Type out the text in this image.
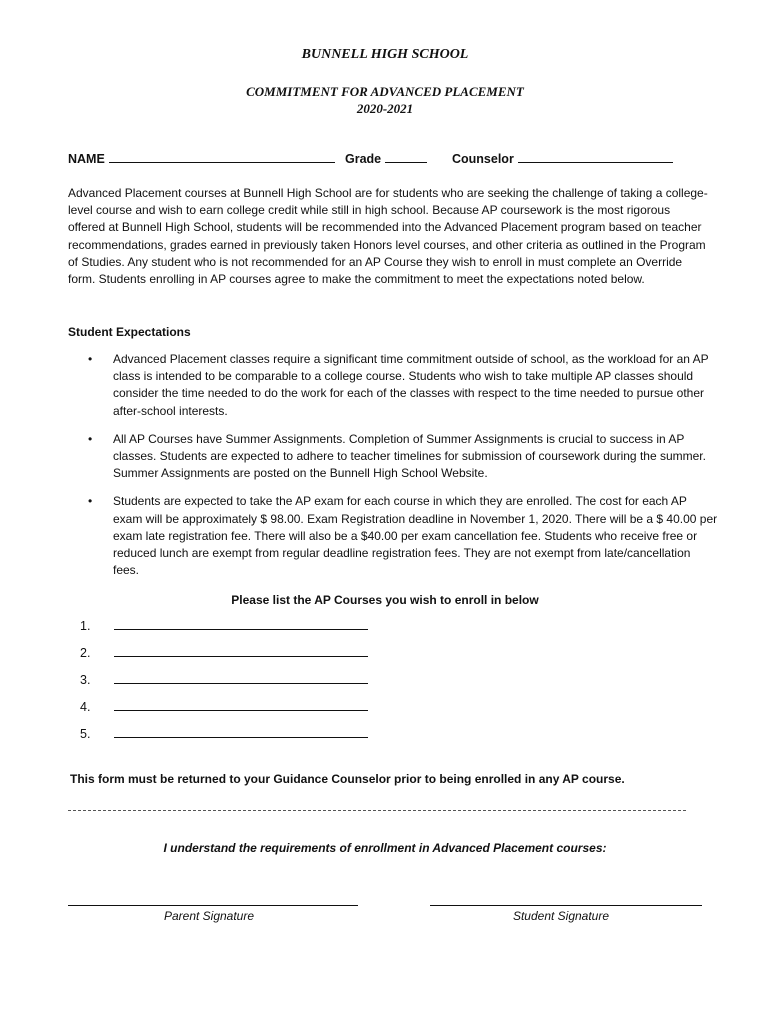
BUNNELL HIGH SCHOOL
COMMITMENT FOR ADVANCED PLACEMENT
2020-2021
NAME	Grade	Counselor
Advanced Placement courses at Bunnell High School are for students who are seeking the challenge of taking a college-level course and wish to earn college credit while still in high school. Because AP coursework is the most rigorous offered at Bunnell High School, students will be recommended into the Advanced Placement program based on teacher recommendations, grades earned in previously taken Honors level courses, and other criteria as outlined in the Program of Studies. Any student who is not recommended for an AP Course they wish to enroll in must complete an Override form. Students enrolling in AP courses agree to make the commitment to meet the expectations noted below.
Student Expectations
• Advanced Placement classes require a significant time commitment outside of school, as the workload for an AP class is intended to be comparable to a college course. Students who wish to take multiple AP classes should consider the time needed to do the work for each of the classes with respect to the time needed to pursue other after-school interests.
• All AP Courses have Summer Assignments. Completion of Summer Assignments is crucial to success in AP classes. Students are expected to adhere to teacher timelines for submission of coursework during the summer. Summer Assignments are posted on the Bunnell High School Website.
• Students are expected to take the AP exam for each course in which they are enrolled. The cost for each AP exam will be approximately $ 98.00. Exam Registration deadline in November 1, 2020. There will be a $ 40.00 per exam late registration fee. There will also be a $40.00 per exam cancellation fee. Students who receive free or reduced lunch are exempt from regular deadline registration fees. They are not exempt from late/cancellation fees.
Please list the AP Courses you wish to enroll in below
1.
2.
3.
4.
5.
This form must be returned to your Guidance Counselor prior to being enrolled in any AP course.
I understand the requirements of enrollment in Advanced Placement courses:
Parent Signature	Student Signature
